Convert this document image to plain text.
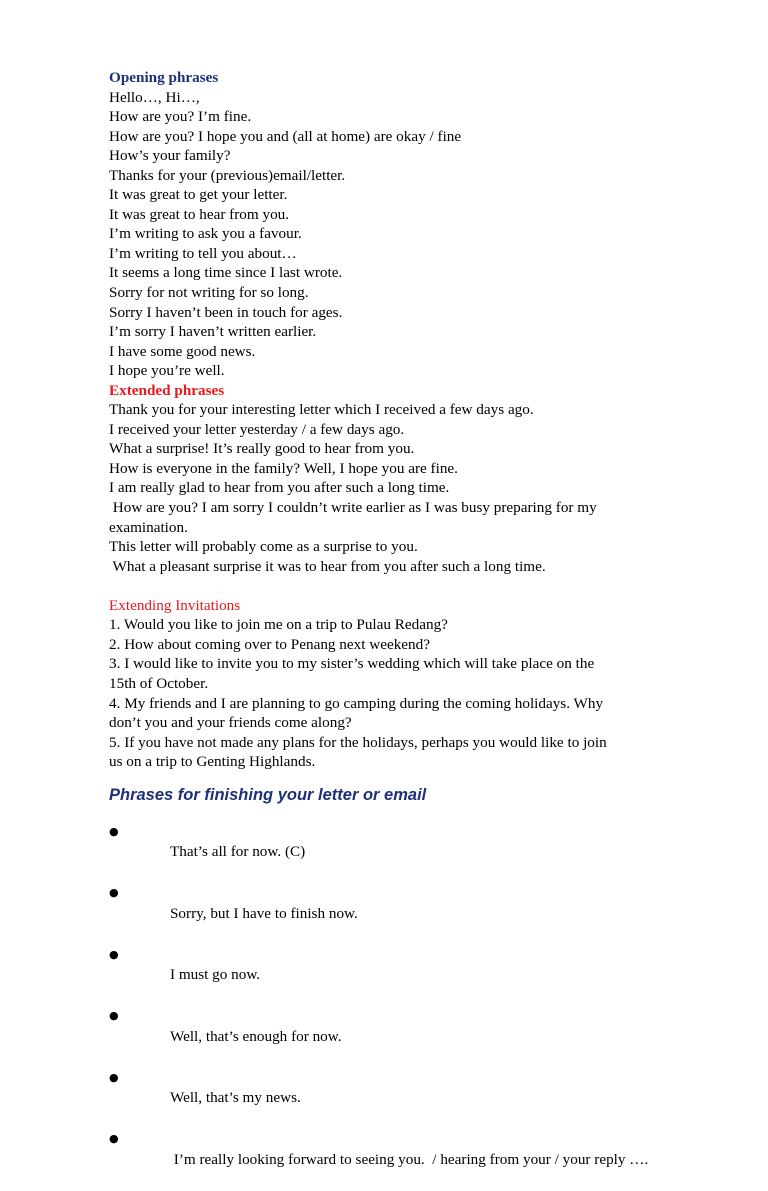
Opening phrases
Hello…, Hi…,
How are you? I’m fine.
How are you? I hope you and (all at home) are okay / fine
How’s your family?
Thanks for your (previous)email/letter.
It was great to get your letter.
It was great to hear from you.
I’m writing to ask you a favour.
I’m writing to tell you about…
It seems a long time since I last wrote.
Sorry for not writing for so long.
Sorry I haven’t been in touch for ages.
I’m sorry I haven’t written earlier.
I have some good news.
I hope you’re well.
Extended phrases
Thank you for your interesting letter which I received a few days ago.
I received your letter yesterday / a few days ago.
What a surprise! It’s really good to hear from you.
How is everyone in the family? Well, I hope you are fine.
I am really glad to hear from you after such a long time.
How are you? I am sorry I couldn’t write earlier as I was busy preparing for my
examination.
This letter will probably come as a surprise to you.
What a pleasant surprise it was to hear from you after such a long time.
Extending Invitations
1. Would you like to join me on a trip to Pulau Redang?
2. How about coming over to Penang next weekend?
3. I would like to invite you to my sister’s wedding which will take place on the
15th of October.
4. My friends and I are planning to go camping during the coming holidays. Why
don’t you and your friends come along?
5. If you have not made any plans for the holidays, perhaps you would like to join
us on a trip to Genting Highlands.
Phrases for finishing your letter or email

●
That’s all for now. (C)

●
Sorry, but I have to finish now.

●
I must go now.

●
Well, that’s enough for now.

●
Well, that’s my news.

●
I’m really looking forward to seeing you.  / hearing from your / your reply ….
